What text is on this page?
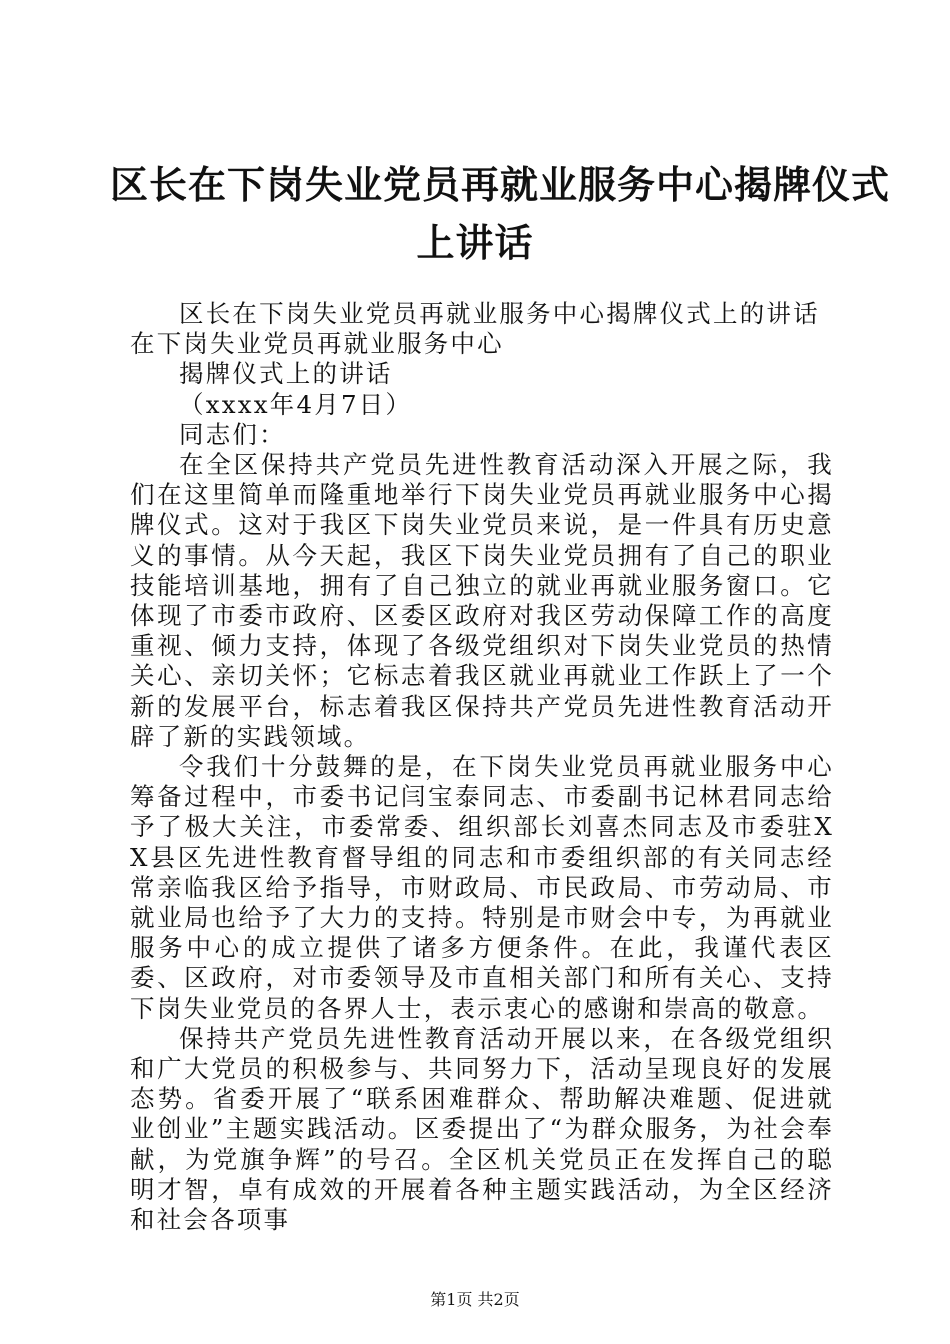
区长在下岗失业党员再就业服务中心揭牌仪式
上讲话

区长在下岗失业党员再就业服务中心揭牌仪式上的讲话在下岗失业党员再就业服务中心

揭牌仪式上的讲话

（xxxx年4月7日）

同志们：

在全区保持共产党员先进性教育活动深入开展之际，我们在这里简单而隆重地举行下岗失业党员再就业服务中心揭牌仪式。这对于我区下岗失业党员来说，是一件具有历史意义的事情。从今天起，我区下岗失业党员拥有了自己的职业技能培训基地，拥有了自己独立的就业再就业服务窗口。它体现了市委市政府、区委区政府对我区劳动保障工作的高度重视、倾力支持，体现了各级党组织对下岗失业党员的热情关心、亲切关怀；它标志着我区就业再就业工作跃上了一个新的发展平台，标志着我区保持共产党员先进性教育活动开辟了新的实践领域。

令我们十分鼓舞的是，在下岗失业党员再就业服务中心筹备过程中，市委书记闫宝泰同志、市委副书记林君同志给予了极大关注，市委常委、组织部长刘喜杰同志及市委驻XX县区先进性教育督导组的同志和市委组织部的有关同志经常亲临我区给予指导，市财政局、市民政局、市劳动局、市就业局也给予了大力的支持。特别是市财会中专，为再就业服务中心的成立提供了诸多方便条件。在此，我谨代表区委、区政府，对市委领导及市直相关部门和所有关心、支持下岗失业党员的各界人士，表示衷心的感谢和崇高的敬意。

保持共产党员先进性教育活动开展以来，在各级党组织和广大党员的积极参与、共同努力下，活动呈现良好的发展态势。省委开展了“联系困难群众、帮助解决难题、促进就业创业”主题实践活动。区委提出了“为群众服务，为社会奉献，为党旗争辉”的号召。全区机关党员正在发挥自己的聪明才智，卓有成效的开展着各种主题实践活动，为全区经济和社会各项事

第1页 共2页
